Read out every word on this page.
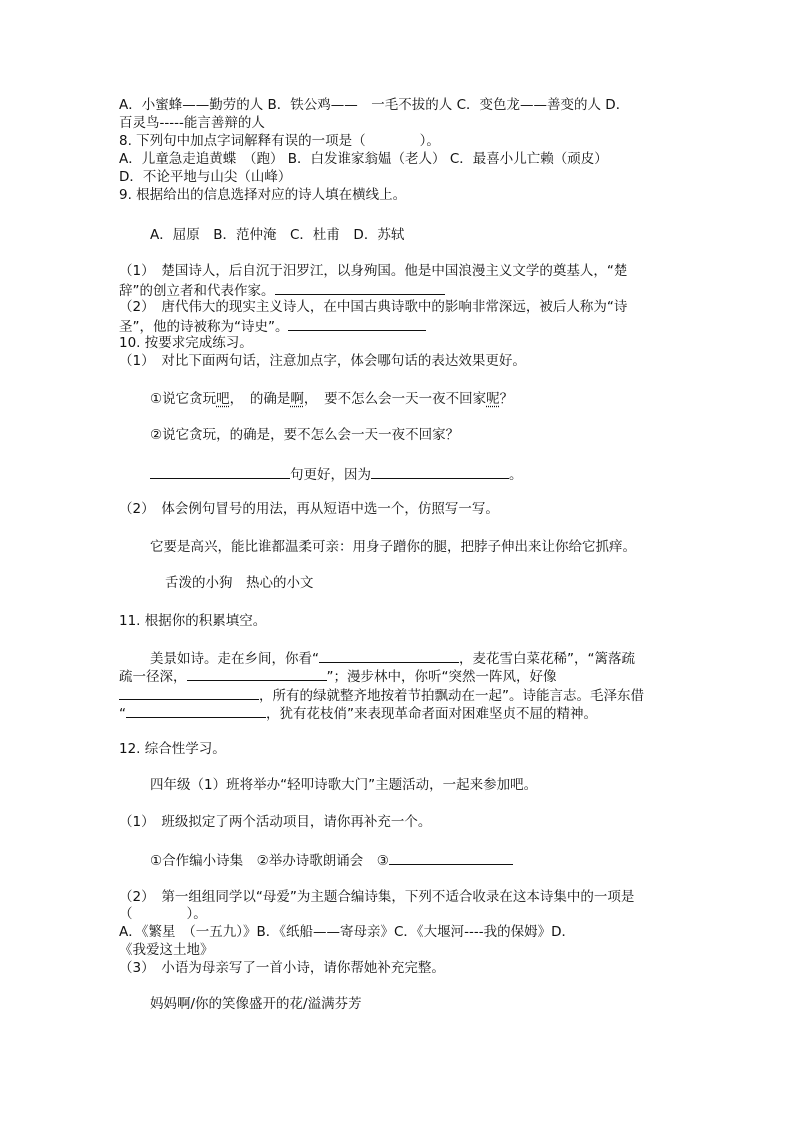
A．小蜜蜂——勤劳的人 B．铁公鸡——　一毛不拔的人 C．变色龙——善变的人 D．
百灵鸟-----能言善辩的人
8. 下列句中加点字词解释有误的一项是（　　　　）。
A．儿童急走追黄蝶　（跑） B．白发谁家翁媪（老人） C．最喜小儿亡赖（顽皮）
D．不论平地与山尖（山峰）
9. 根据给出的信息选择对应的诗人填在横线上。
A．屈原　B．范仲淹　C．杜甫　D．苏轼
（1）　楚国诗人，后自沉于汨罗江，以身殉国。他是中国浪漫主义文学的奠基人，“楚
辞”的创立者和代表作家。
（2）　唐代伟大的现实主义诗人，在中国古典诗歌中的影响非常深远，被后人称为“诗
圣”，他的诗被称为“诗史”。
10. 按要求完成练习。
（1）　对比下面两句话，注意加点字，体会哪句话的表达效果更好。
①说它贪玩吧，　的确是啊，　要不怎么会一天一夜不回家呢？
②说它贪玩，的确是，要不怎么会一天一夜不回家？
句更好，因为	。
（2）　体会例句冒号的用法，再从短语中选一个，仿照写一写。
它要是高兴，能比谁都温柔可亲：用身子蹭你的腿，把脖子伸出来让你给它抓痒。
舌泼的小狗　热心的小文
11. 根据你的积累填空。
美景如诗。走在乡间，你看“	，麦花雪白菜花稀”，“篱落疏
疏一径深，	”；漫步林中，你听“突然一阵风，好像
，所有的绿就整齐地按着节拍飘动在一起”。诗能言志。毛泽东借
“	，犹有花枝俏”来表现革命者面对困难坚贞不屈的精神。
12. 综合性学习。
四年级（1）班将举办“轻叩诗歌大门”主题活动，一起来参加吧。
（1）　班级拟定了两个活动项目，请你再补充一个。
①合作编小诗集　②举办诗歌朗诵会　③
（2）　第一组组同学以“母爱”为主题合编诗集，下列不适合收录在这本诗集中的一项是
（　　　　）。
A．《繁星　（一五九）》B．《纸船——寄母亲》C．《大堰河----我的保姆》D．
《我爱这土地》
（3）　小语为母亲写了一首小诗，请你帮她补充完整。
妈妈啊/你的笑像盛开的花/溢满芬芳
